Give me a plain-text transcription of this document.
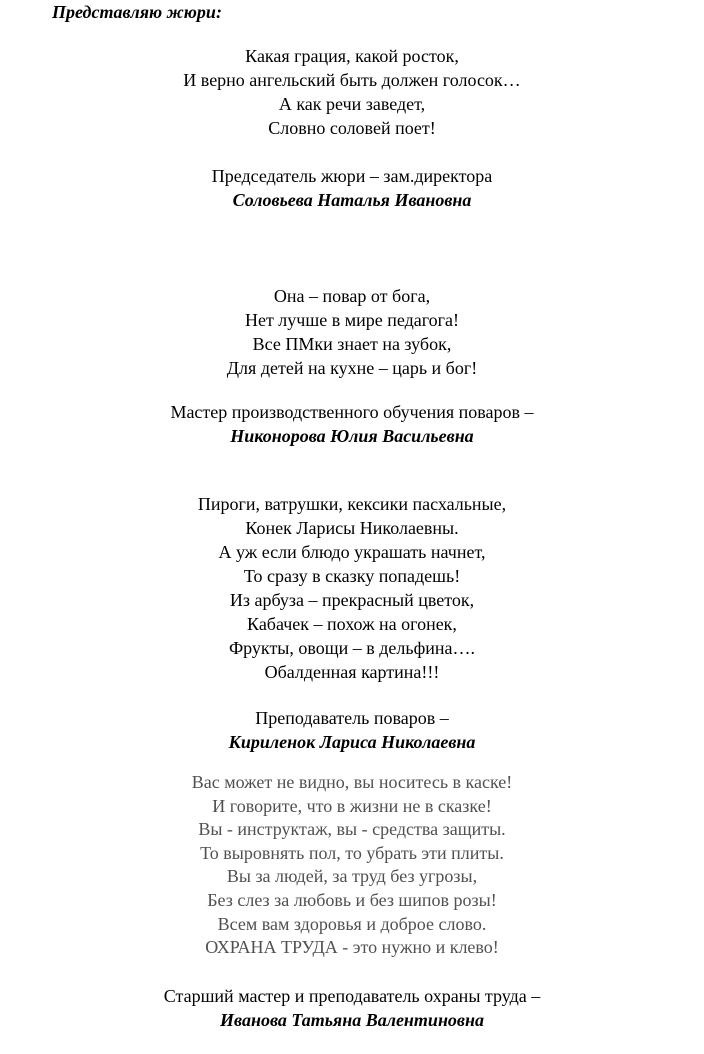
Представляю жюри:
Какая грация, какой росток,
И верно ангельский быть должен голосок…
А как речи заведет,
Словно соловей поет!
Председатель жюри – зам.директора
Соловьева Наталья Ивановна
Она – повар от бога,
Нет лучше в мире педагога!
Все ПМки знает на зубок,
Для детей на кухне – царь и бог!
Мастер производственного обучения поваров –
Никонорова Юлия Васильевна
Пироги, ватрушки, кексики пасхальные,
Конек Ларисы Николаевны.
А уж если блюдо украшать начнет,
То сразу в сказку попадешь!
Из арбуза – прекрасный цветок,
Кабачек – похож на огонек,
Фрукты, овощи – в дельфина….
Обалденная картина!!!
Преподаватель поваров –
Кириленок Лариса Николаевна
Вас может не видно, вы носитесь в каске!
И говорите, что в жизни не в сказке!
Вы - инструктаж, вы - средства защиты.
То выровнять пол, то убрать эти плиты.
Вы за людей, за труд без угрозы,
Без слез за любовь и без шипов розы!
Всем вам здоровья и доброе слово.
ОХРАНА ТРУДА - это нужно и клево!
Старший мастер и преподаватель охраны труда –
Иванова Татьяна Валентиновна
